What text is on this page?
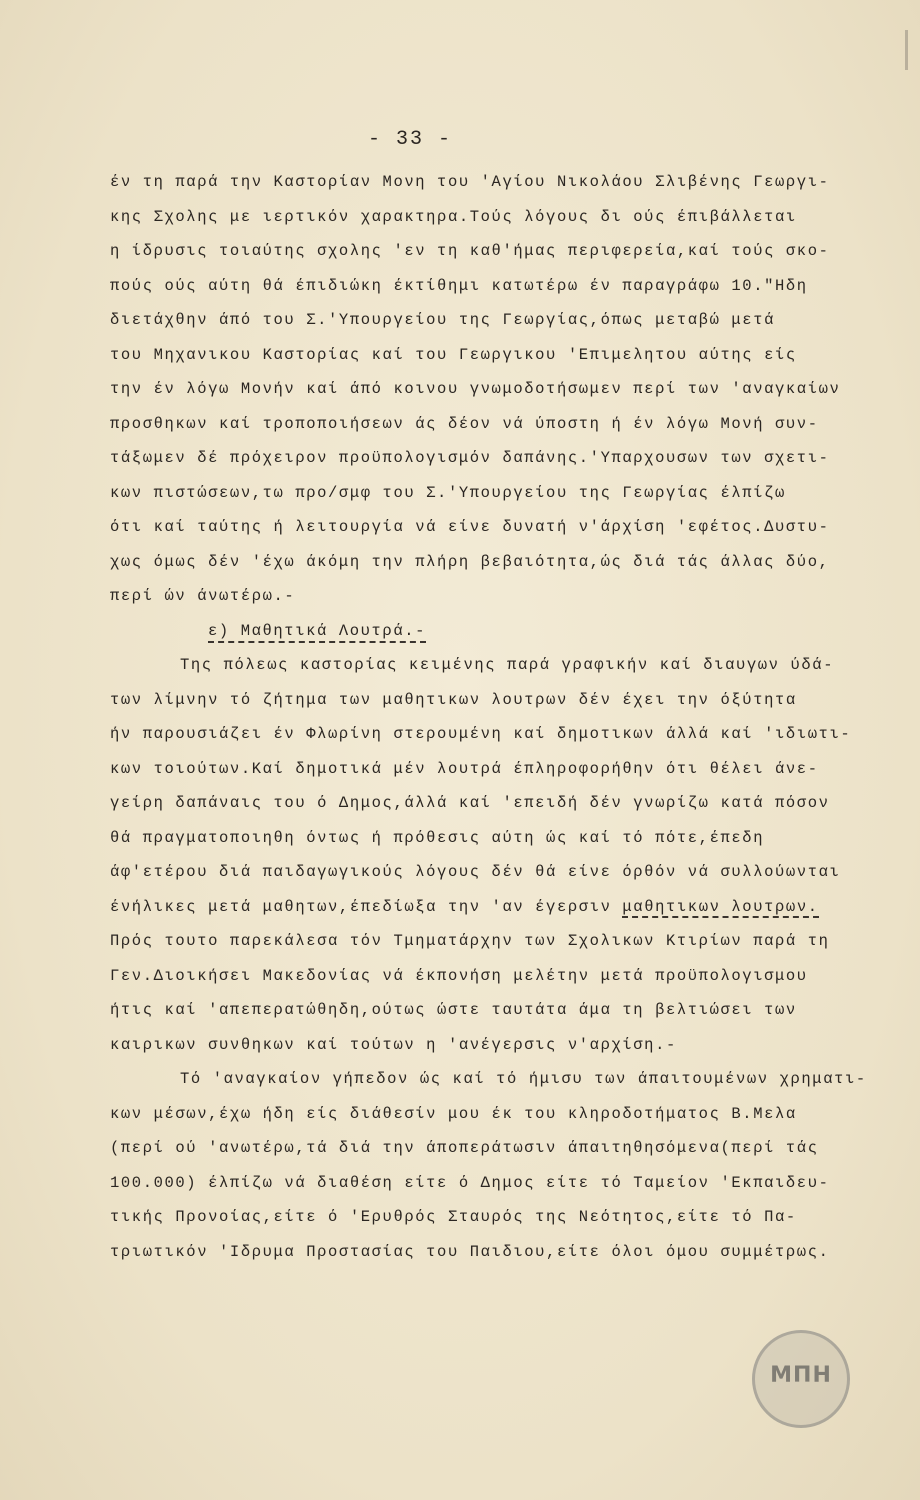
- 33 -
έν τη παρά την Καστορίαν Μονη του 'Αγίου Νικολάου Σλιβένης Γεωργι-
κης Σχολης με ιερτικόν χαρακτηρα.Τούς λόγους δι ούς έπιβάλλεται
η ίδρυσις τοιαύτης σχολης 'εν τη καθ'ήμας περιφερεία,καί τούς σκο-
πούς ούς αύτη θά έπιδιώκη έκτίθημι κατωτέρω έν παραγράφω 10."Ηδη
διετάχθην άπό του Σ.'Υπουργείου της Γεωργίας,όπως μεταβώ μετά
του Μηχανικου Καστορίας καί του Γεωργικου 'Επιμελητου αύτης είς
την έν λόγω Μονήν καί άπό κοινου γνωμοδοτήσωμεν περί των 'αναγκαίων
προσθηκων καί τροποποιήσεων άς δέον νά ύποστη ή έν λόγω Μονή συν-
τάξωμεν δέ πρόχειρον προϋπολογισμόν δαπάνης.'Υπαρχουσων των σχετι-
κων πιστώσεων,τω προ/σμφ του Σ.'Υπουργείου της Γεωργίας έλπίζω
ότι καί ταύτης ή λειτουργία νά είνε δυνατή ν'άρχίση 'εφέτος.Δυστυ-
χως όμως δέν 'έχω άκόμη την πλήρη βεβαιότητα,ώς διά τάς άλλας δύο,
περί ών άνωτέρω.-
ε) Μαθητικά Λουτρά.-
Της πόλεως καστορίας κειμένης παρά γραφικήν καί διαυγων ύδά-
των λίμνην τό ζήτημα των μαθητικων λουτρων δέν έχει την όξύτητα
ήν παρουσιάζει έν Φλωρίνη στερουμένη καί δημοτικων άλλά καί 'ιδιωτι-
κων τοιούτων.Καί δημοτικά μέν λουτρά έπληροφορήθην ότι θέλει άνε-
γείρη δαπάναις του ό Δημος,άλλά καί 'επειδή δέν γνωρίζω κατά πόσον
θά πραγματοποιηθη όντως ή πρόθεσις αύτη ώς καί τό πότε,έπεδη
άφ'ετέρου διά παιδαγωγικούς λόγους δέν θά είνε όρθόν νά συλλούωνται
ένήλικες μετά μαθητων,έπεδίωξα την 'αν έγερσιν μαθητικων λουτρων.
Πρός τουτο παρεκάλεσα τόν Τμηματάρχην των Σχολικων Κτιρίων παρά τη
Γεν.Διοικήσει Μακεδονίας νά έκπονήση μελέτην μετά προϋπολογισμου
ήτις καί 'απεπερατώθηδη,ούτως ώστε ταυτάτα άμα τη βελτιώσει των
καιρικων συνθηκων καί τούτων η 'ανέγερσις ν'αρχίση.-
Τό 'αναγκαίον γήπεδον ώς καί τό ήμισυ των άπαιτουμένων χρηματι-
κων μέσων,έχω ήδη είς διάθεσίν μου έκ του κληροδοτήματος Β.Μελα
(περί ού 'ανωτέρω,τά διά την άποπεράτωσιν άπαιτηθησόμενα(περί τάς
100.000) έλπίζω νά διαθέση είτε ό Δημος είτε τό Ταμείον 'Εκπαιδευ-
τικής Προνοίας,είτε ό 'Ερυθρός Σταυρός της Νεότητος,είτε τό Πα-
τριωτικόν 'Ιδρυμα Προστασίας του Παιδιου,είτε όλοι όμου συμμέτρως.
ΜΠΗ
